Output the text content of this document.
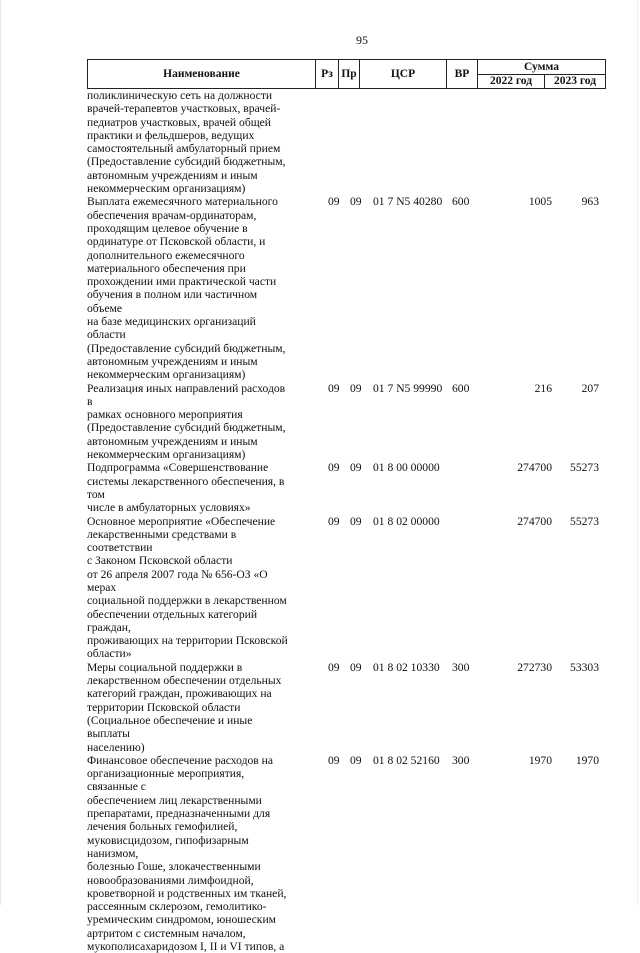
95
Наименование	Рз	Пр	ЦСР	ВР	Сумма	
					2022 год	2023 год
поликлиническую сеть на должности
врачей-терапевтов участковых, врачей-
педиатров участковых, врачей общей
практики и фельдшеров, ведущих
самостоятельный амбулаторный прием
(Предоставление субсидий бюджетным,
автономным учреждениям и иным
некоммерческим организациям)
Выплата ежемесячного материального
обеспечения врачам-ординаторам,
проходящим целевое обучение в
ординатуре от Псковской области, и
дополнительного ежемесячного
материального обеспечения при
прохождении ими практической части
обучения в полном или частичном объеме
на базе медицинских организаций области
(Предоставление субсидий бюджетным,
автономным учреждениям и иным
некоммерческим организациям)
09 09 01 7 N5 40280 600	1005	963
Реализация иных направлений расходов в
рамках основного мероприятия
(Предоставление субсидий бюджетным,
автономным учреждениям и иным
некоммерческим организациям)
09 09 01 7 N5 99990 600	216	207
Подпрограмма «Совершенствование
системы лекарственного обеспечения, в том
числе в амбулаторных условиях»
09 09 01 8 00 00000	274700	55273
Основное мероприятие «Обеспечение
лекарственными средствами в соответствии
с Законом Псковской области
от 26 апреля 2007 года № 656-ОЗ «О мерах
социальной поддержки в лекарственном
обеспечении отдельных категорий граждан,
проживающих на территории Псковской
области»
09 09 01 8 02 00000	274700	55273
Меры социальной поддержки в
лекарственном обеспечении отдельных
категорий граждан, проживающих на
территории Псковской области
(Социальное обеспечение и иные выплаты
населению)
09 09 01 8 02 10330 300	272730	53303
Финансовое обеспечение расходов на
организационные мероприятия, связанные с
обеспечением лиц лекарственными
препаратами, предназначенными для
лечения больных гемофилией,
муковисцидозом, гипофизарным нанизмом,
болезнью Гоше, злокачественными
новообразованиями лимфоидной,
кроветворной и родственных им тканей,
рассеянным склерозом, гемолитико-
уремическим синдромом, юношеским
артритом с системным началом,
мукополисахаридозом I, II и VI типов, а
09 09 01 8 02 52160 300	1970	1970
